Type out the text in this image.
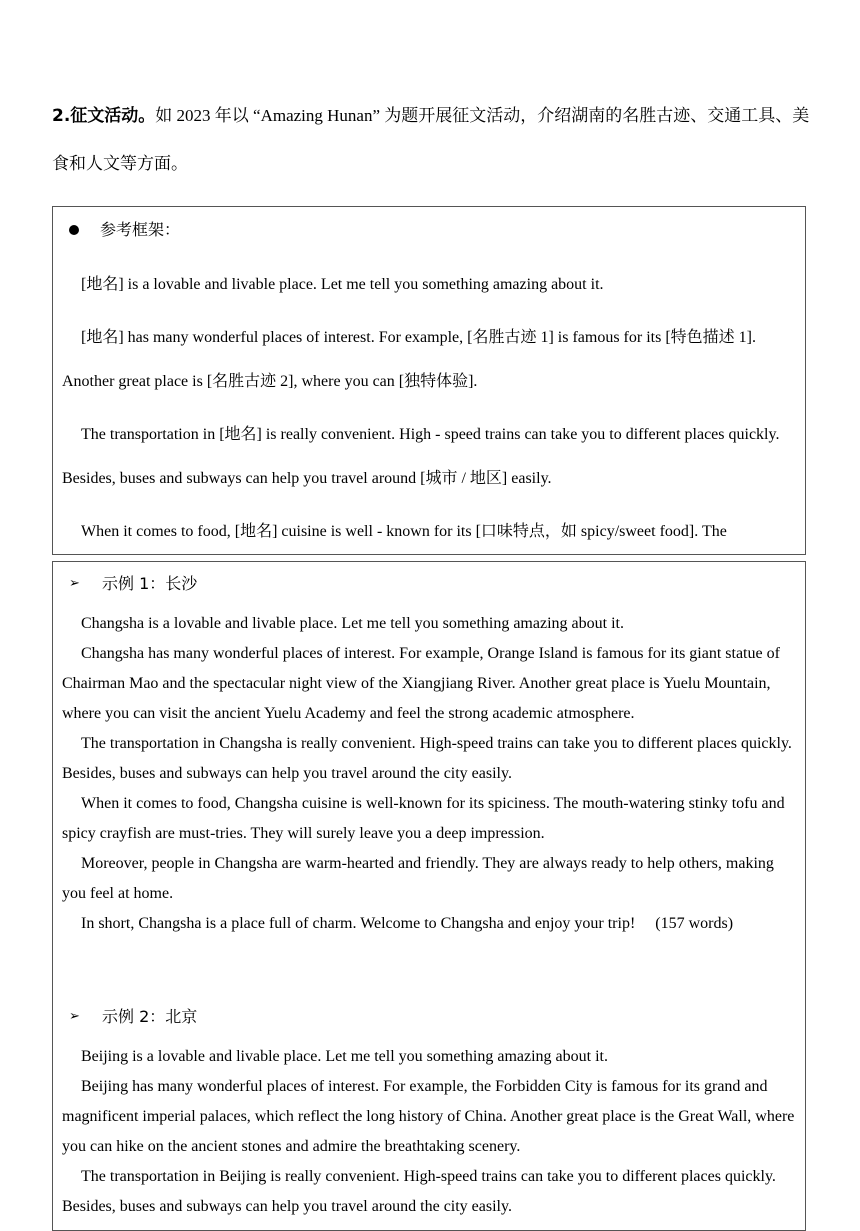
2.征文活动。如 2023 年以 “Amazing Hunan” 为题开展征文活动，介绍湖南的名胜古迹、交通工具、美食和人文等方面。

参考框架：

[地名] is a lovable and livable place. Let me tell you something amazing about it.

[地名] has many wonderful places of interest. For example, [名胜古迹 1] is famous for its [特色描述 1]. Another great place is [名胜古迹 2], where you can [独特体验].

The transportation in [地名] is really convenient. High - speed trains can take you to different places quickly. Besides, buses and subways can help you travel around [城市 / 地区] easily.

When it comes to food, [地名] cuisine is well - known for its [口味特点，如 spicy/sweet food]. The

➢	示例 1：长沙

Changsha is a lovable and livable place. Let me tell you something amazing about it.

Changsha has many wonderful places of interest. For example, Orange Island is famous for its giant statue of Chairman Mao and the spectacular night view of the Xiangjiang River. Another great place is Yuelu Mountain, where you can visit the ancient Yuelu Academy and feel the strong academic atmosphere.

The transportation in Changsha is really convenient. High-speed trains can take you to different places quickly. Besides, buses and subways can help you travel around the city easily.

When it comes to food, Changsha cuisine is well-known for its spiciness. The mouth-watering stinky tofu and spicy crayfish are must-tries. They will surely leave you a deep impression.

Moreover, people in Changsha are warm-hearted and friendly. They are always ready to help others, making you feel at home.

In short, Changsha is a place full of charm. Welcome to Changsha and enjoy your trip!     (157 words)

➢	示例 2：北京

Beijing is a lovable and livable place. Let me tell you something amazing about it.

Beijing has many wonderful places of interest. For example, the Forbidden City is famous for its grand and magnificent imperial palaces, which reflect the long history of China. Another great place is the Great Wall, where you can hike on the ancient stones and admire the breathtaking scenery.

The transportation in Beijing is really convenient. High-speed trains can take you to different places quickly. Besides, buses and subways can help you travel around the city easily.
